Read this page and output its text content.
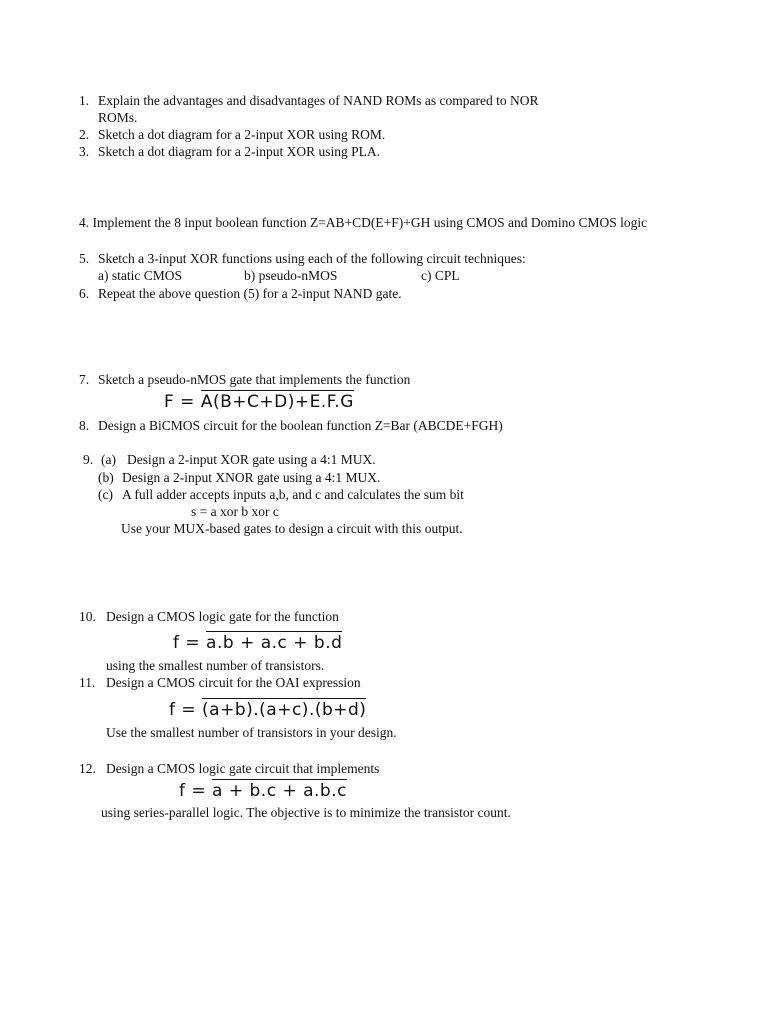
1. Explain the advantages and disadvantages of NAND ROMs as compared to NOR
ROMs.
2. Sketch a dot diagram for a 2-input XOR using ROM.
3. Sketch a dot diagram for a 2-input XOR using PLA.
4. Implement the 8 input boolean function Z=AB+CD(E+F)+GH using CMOS and Domino CMOS logic
5. Sketch a 3-input XOR functions using each of the following circuit techniques:
a) static CMOS	b) pseudo-nMOS	c) CPL
6. Repeat the above question (5) for a 2-input NAND gate.
7. Sketch a pseudo-nMOS gate that implements the function
F = A(B+C+D)+E.F.G
8. Design a BiCMOS circuit for the boolean function Z=Bar (ABCDE+FGH)
9. (a) Design a 2-input XOR gate using a 4:1 MUX.
(b) Design a 2-input XNOR gate using a 4:1 MUX.
(c) A full adder accepts inputs a,b, and c and calculates the sum bit
s = a xor b xor c
Use your MUX-based gates to design a circuit with this output.
10. Design a CMOS logic gate for the function
f = a.b + a.c + b.d
using the smallest number of transistors.
11. Design a CMOS circuit for the OAI expression
f = (a+b).(a+c).(b+d)
Use the smallest number of transistors in your design.
12. Design a CMOS logic gate circuit that implements
f = a + b.c + a.b.c
using series-parallel logic. The objective is to minimize the transistor count.
